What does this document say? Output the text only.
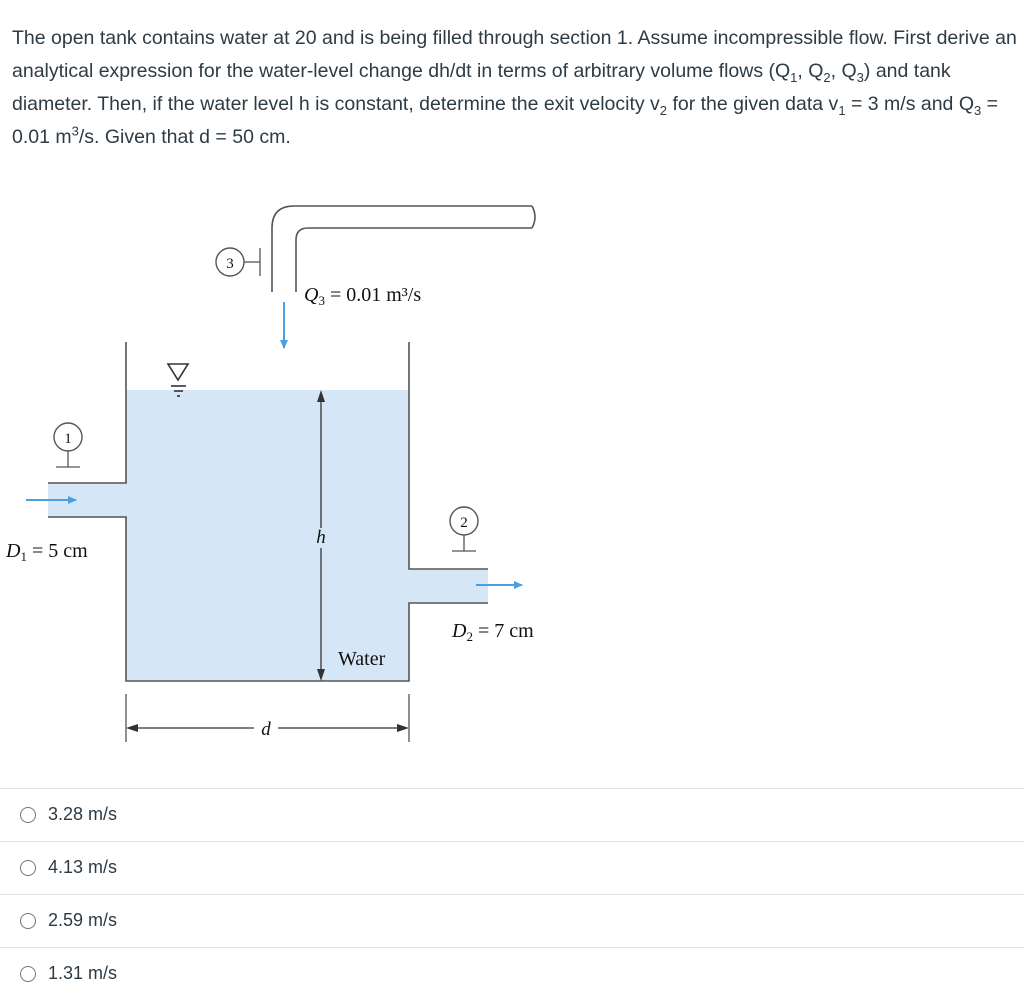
The open tank contains water at 20 and is being filled through section 1. Assume incompressible flow. First derive an analytical expression for the water-level change dh/dt in terms of arbitrary volume flows ($Q_1$, $Q_2$, $Q_3$) and tank diameter. Then, if the water level h is constant, determine the exit velocity $v_2$ for the given data $v_1 = 3$ m/s and $Q_3 = 0.01$ $m^3/s$. Given that d = 50 cm.
3
1
2
h
d
$Q_3 = 0.01$ m³/s
$D_1 = 5$ cm
$D_2 = 7$ cm
Water
3.28 m/s
4.13 m/s
2.59 m/s
1.31 m/s
